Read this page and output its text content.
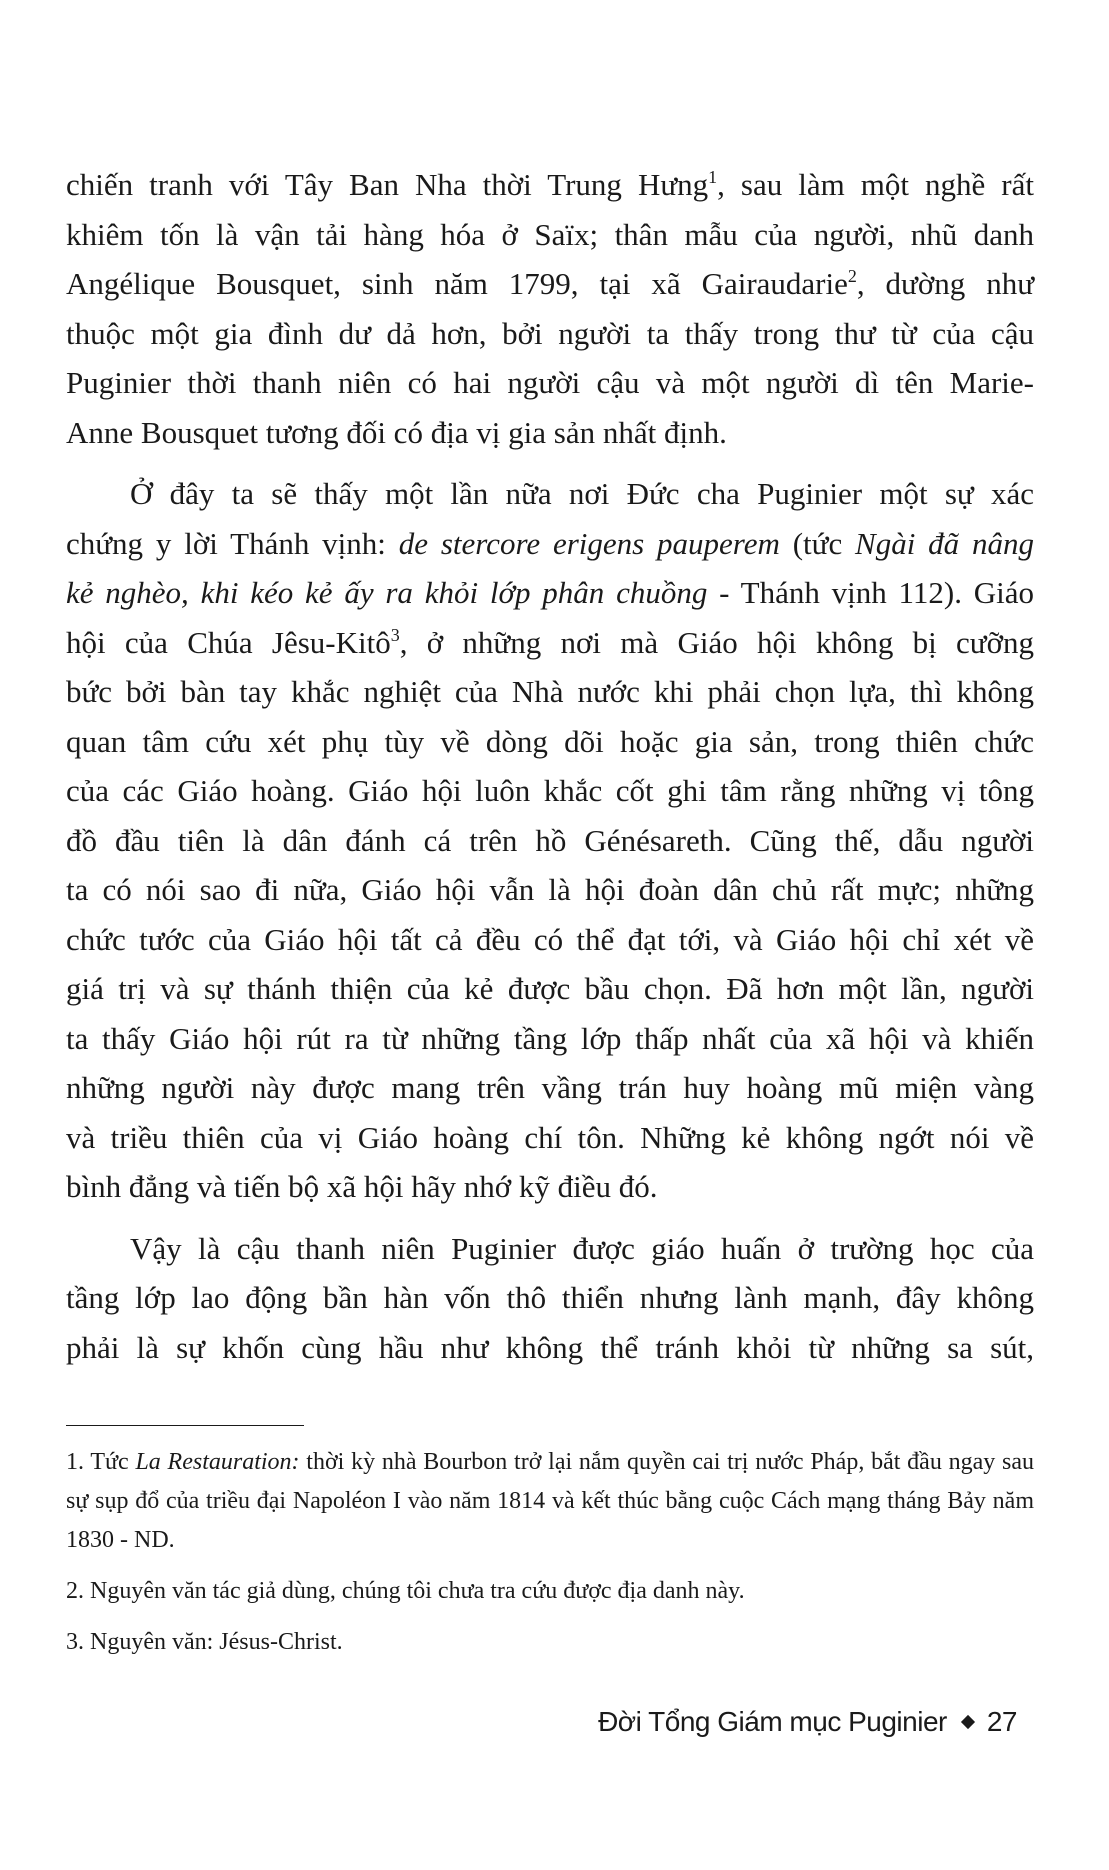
chiến tranh với Tây Ban Nha thời Trung Hưng$^1$, sau làm một nghề rất
khiêm tốn là vận tải hàng hóa ở Saïx; thân mẫu của người, nhũ danh
Angélique Bousquet, sinh năm 1799, tại xã Gairaudarie$^2$, dường như
thuộc một gia đình dư dả hơn, bởi người ta thấy trong thư từ của cậu
Puginier thời thanh niên có hai người cậu và một người dì tên Marie-
Anne Bousquet tương đối có địa vị gia sản nhất định.
Ở đây ta sẽ thấy một lần nữa nơi Đức cha Puginier một sự xác
chứng y lời Thánh vịnh: de stercore erigens pauperem (tức Ngài đã nâng
kẻ nghèo, khi kéo kẻ ấy ra khỏi lớp phân chuồng - Thánh vịnh 112). Giáo
hội của Chúa Jêsu-Kitô$^3$, ở những nơi mà Giáo hội không bị cưỡng
bức bởi bàn tay khắc nghiệt của Nhà nước khi phải chọn lựa, thì không
quan tâm cứu xét phụ tùy về dòng dõi hoặc gia sản, trong thiên chức
của các Giáo hoàng. Giáo hội luôn khắc cốt ghi tâm rằng những vị tông
đồ đầu tiên là dân đánh cá trên hồ Génésareth. Cũng thế, dẫu người
ta có nói sao đi nữa, Giáo hội vẫn là hội đoàn dân chủ rất mực; những
chức tước của Giáo hội tất cả đều có thể đạt tới, và Giáo hội chỉ xét về
giá trị và sự thánh thiện của kẻ được bầu chọn. Đã hơn một lần, người
ta thấy Giáo hội rút ra từ những tầng lớp thấp nhất của xã hội và khiến
những người này được mang trên vầng trán huy hoàng mũ miện vàng
và triều thiên của vị Giáo hoàng chí tôn. Những kẻ không ngớt nói về
bình đẳng và tiến bộ xã hội hãy nhớ kỹ điều đó.
Vậy là cậu thanh niên Puginier được giáo huấn ở trường học của
tầng lớp lao động bần hàn vốn thô thiển nhưng lành mạnh, đây không
phải là sự khốn cùng hầu như không thể tránh khỏi từ những sa sút,

1. Tức La Restauration: thời kỳ nhà Bourbon trở lại nắm quyền cai trị nước Pháp, bắt đầu ngay sau sự sụp đổ của triều đại Napoléon I vào năm 1814 và kết thúc bằng cuộc Cách mạng tháng Bảy năm 1830 - ND.

2. Nguyên văn tác giả dùng, chúng tôi chưa tra cứu được địa danh này.

3. Nguyên văn: Jésus-Christ.

Đời Tổng Giám mục Puginier 27
